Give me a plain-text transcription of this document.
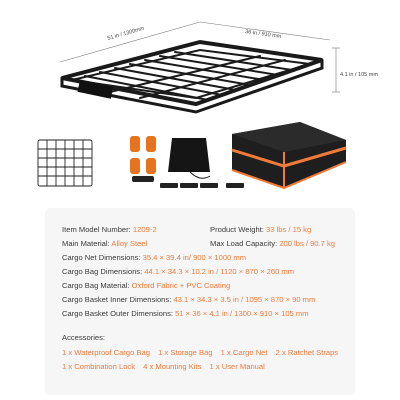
51 in / 1300mm	36 in / 910 mm
4.1 in / 105 mm
Item Model Number: 1209-2	Product Weight: 33 lbs / 15 kg
Main Material: Alloy Steel	Max Load Capacity: 200 lbs / 90.7 kg
Cargo Net Dimensions: 35.4 × 39.4 in/ 900 × 1000 mm
Cargo Bag Dimensions: 44.1 × 34.3 × 10.2 in / 1120 × 870 × 260 mm
Cargo Bag Material: Oxford Fabric + PVC Coating
Cargo Basket Inner Dimensions: 43.1 × 34.3 × 3.5 in / 1095 × 870 × 90 mm
Cargo Basket Outer Dimensions: 51 × 36 × 4.1 in / 1300 × 910 × 105 mm
Accessories:
1 x Waterproof Cargo Bag 1 x Storage Bag 1 x Cargo Net 2 x Ratchet Straps
1 x Combination Lock 4 x Mounting Kits 1 x User Manual
